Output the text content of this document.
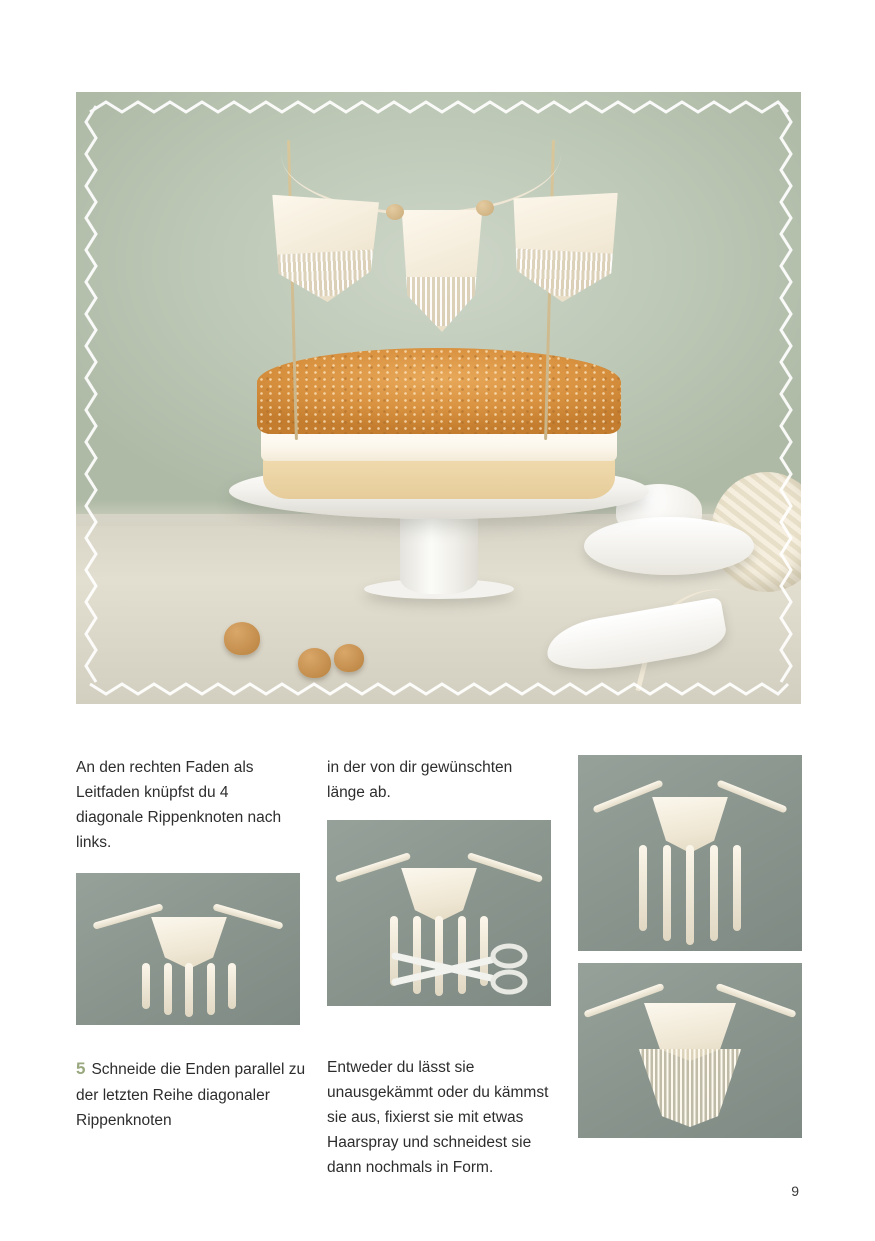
An den rechten Faden als Leitfaden knüpfst du 4 diagonale Rippenknoten nach links.

in der von dir gewünschten länge ab.

5 Schneide die Enden parallel zu der letzten Reihe diagonaler Rippenknoten

Entweder du lässt sie unausgekämmt oder du kämmst sie aus, fixierst sie mit etwas Haarspray und schneidest sie dann nochmals in Form.

9
